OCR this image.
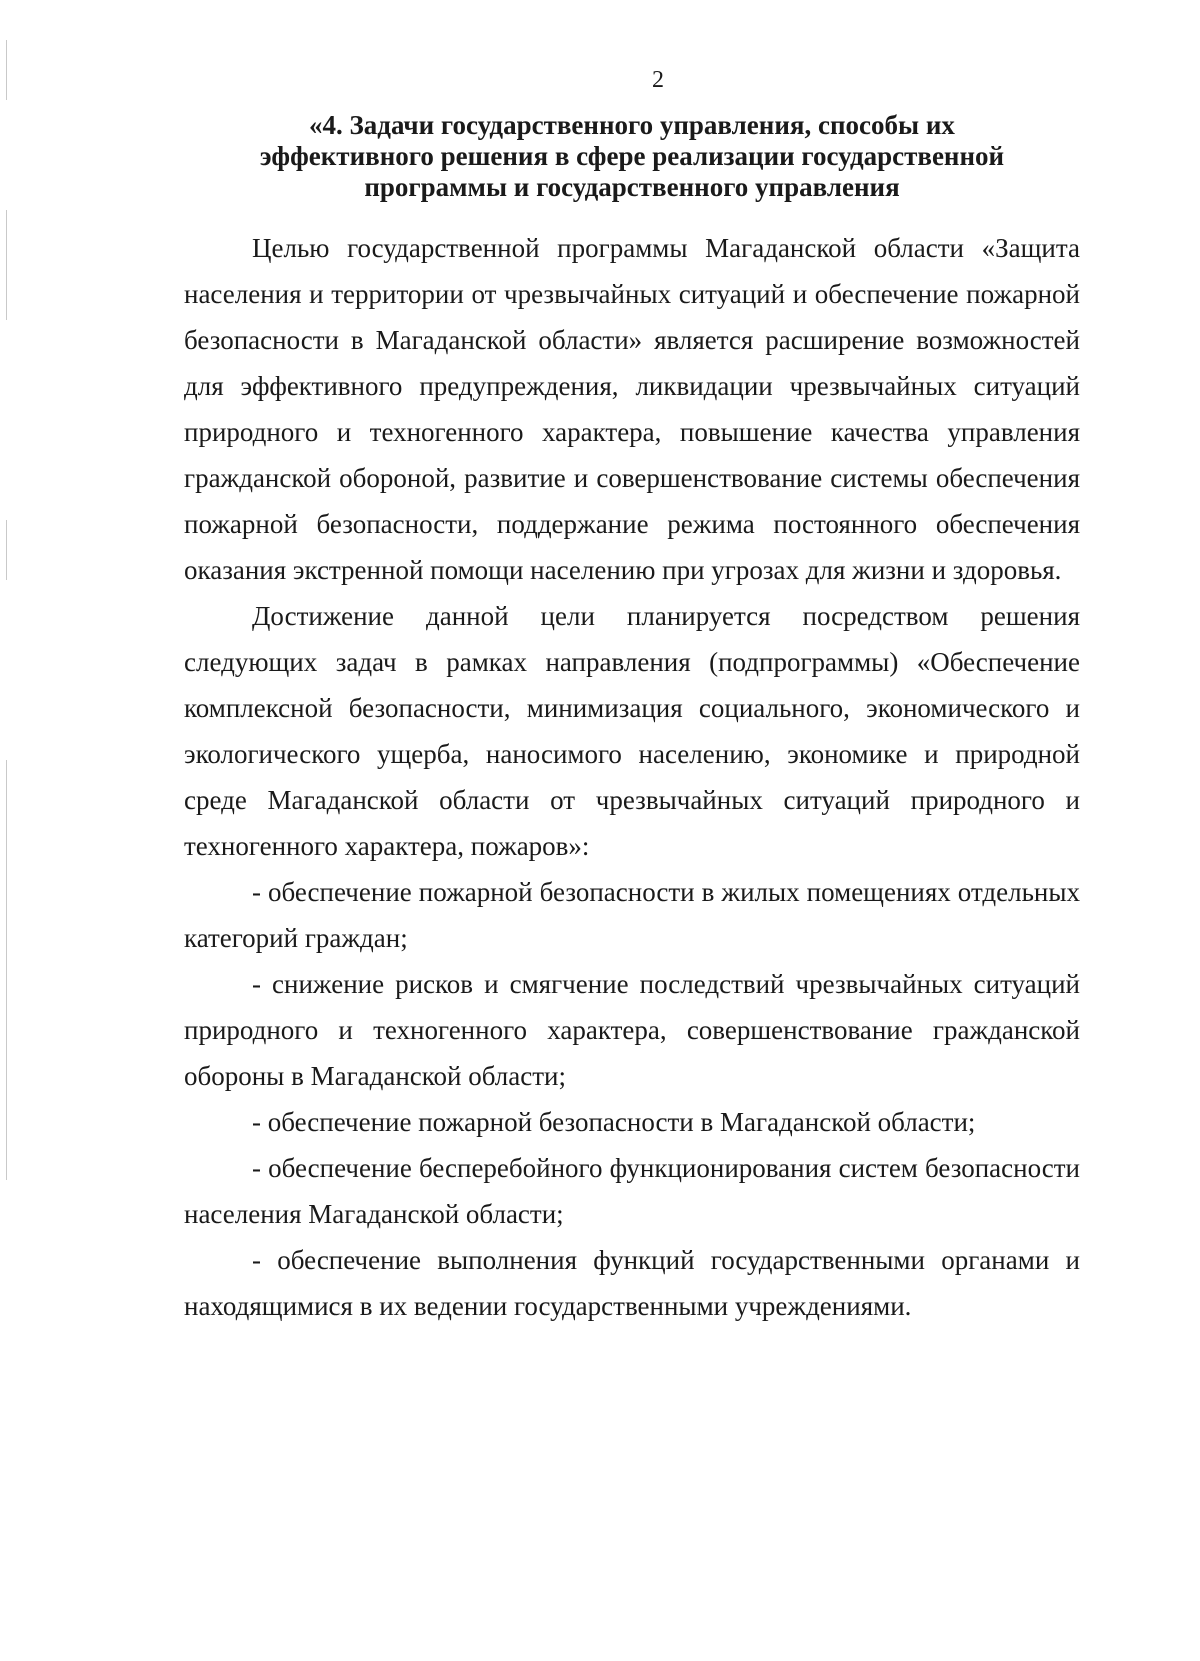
2
«4. Задачи государственного управления, способы их
эффективного решения в сфере реализации государственной
программы и государственного управления

Целью государственной программы Магаданской области «Защита населения и территории от чрезвычайных ситуаций и обеспечение пожарной безопасности в Магаданской области» является расширение возможностей для эффективного предупреждения, ликвидации чрезвычайных ситуаций природного и техногенного характера, повышение качества управления гражданской обороной, развитие и совершенствование системы обеспечения пожарной безопасности, поддержание режима постоянного обеспечения оказания экстренной помощи населению при угрозах для жизни и здоровья.

Достижение данной цели планируется посредством решения следующих задач в рамках направления (подпрограммы) «Обеспечение комплексной безопасности, минимизация социального, экономического и экологического ущерба, наносимого населению, экономике и природной среде Магаданской области от чрезвычайных ситуаций природного и техногенного характера, пожаров»:

- обеспечение пожарной безопасности в жилых помещениях отдельных категорий граждан;

- снижение рисков и смягчение последствий чрезвычайных ситуаций природного и техногенного характера, совершенствование гражданской обороны в Магаданской области;

- обеспечение пожарной безопасности в Магаданской области;

- обеспечение бесперебойного функционирования систем безопасности населения Магаданской области;

- обеспечение выполнения функций государственными органами и находящимися в их ведении государственными учреждениями.
